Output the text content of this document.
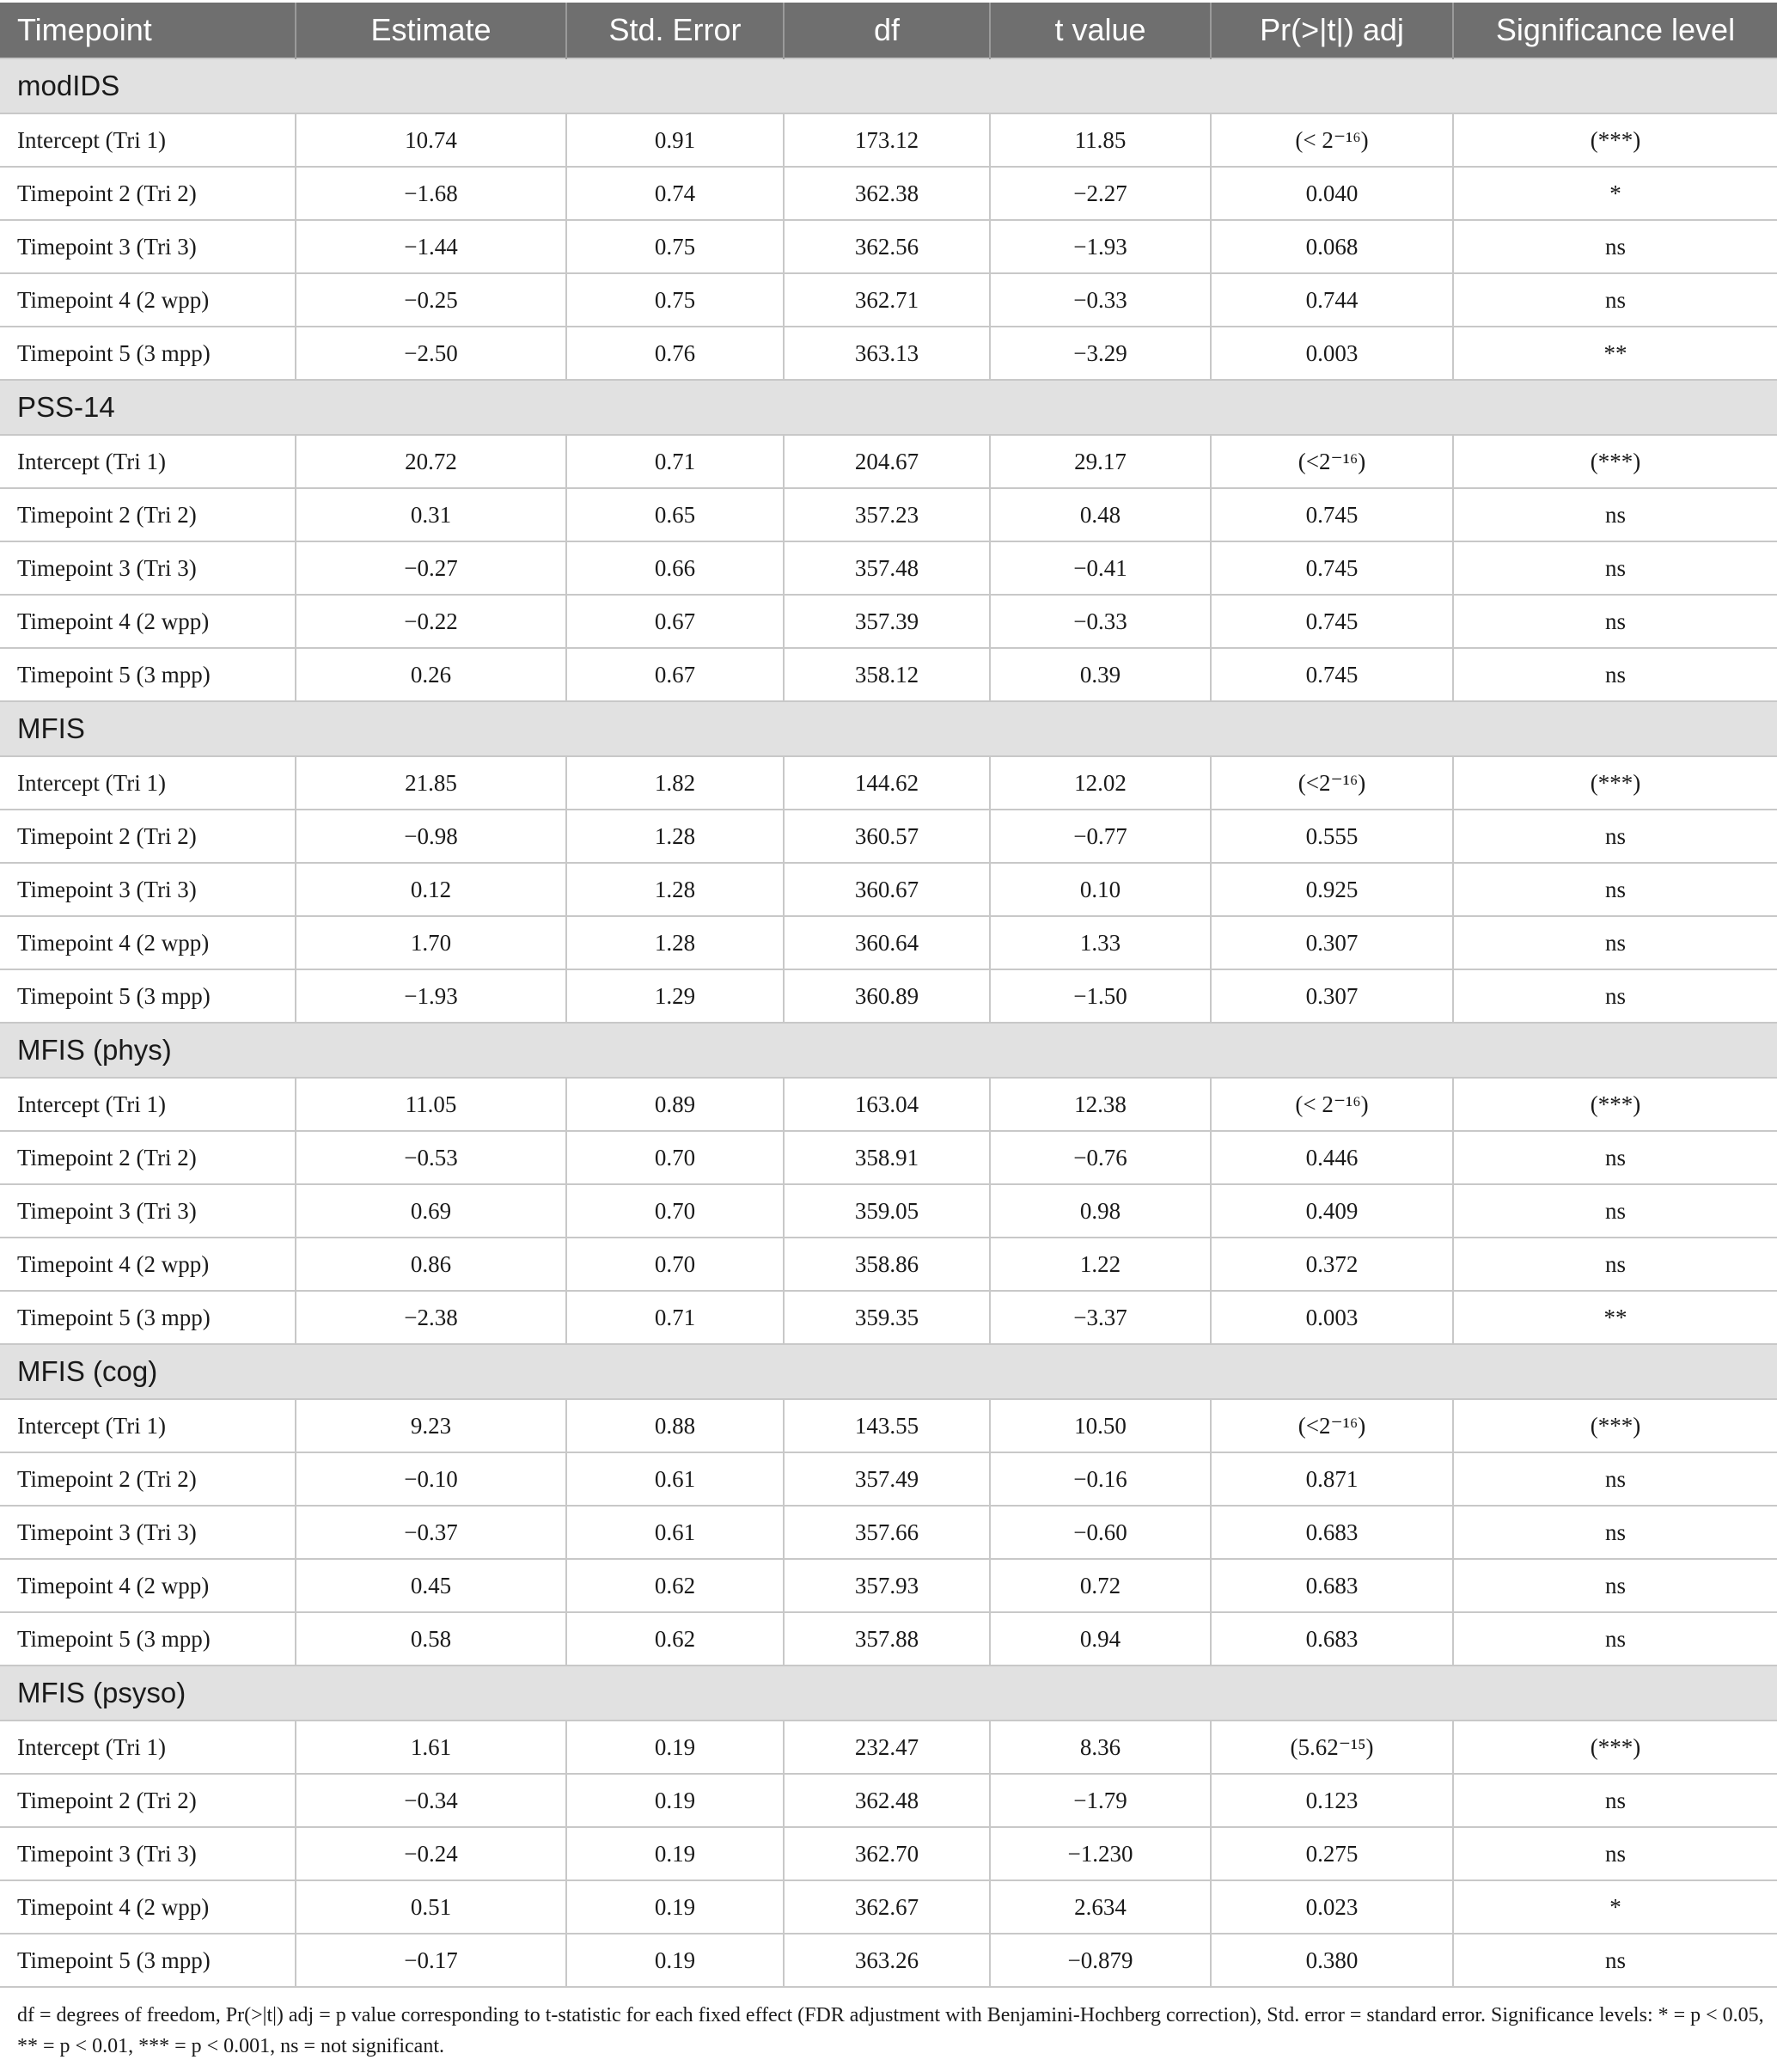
Timepoint	Estimate	Std. Error	df	t value	Pr(>|t|) adj	Significance level
modIDS						
Intercept (Tri 1)	10.74	0.91	173.12	11.85	(< 2⁻¹⁶)	(***)
Timepoint 2 (Tri 2)	−1.68	0.74	362.38	−2.27	0.040	*
Timepoint 3 (Tri 3)	−1.44	0.75	362.56	−1.93	0.068	ns
Timepoint 4 (2 wpp)	−0.25	0.75	362.71	−0.33	0.744	ns
Timepoint 5 (3 mpp)	−2.50	0.76	363.13	−3.29	0.003	**
PSS-14						
Intercept (Tri 1)	20.72	0.71	204.67	29.17	(<2⁻¹⁶)	(***)
Timepoint 2 (Tri 2)	0.31	0.65	357.23	0.48	0.745	ns
Timepoint 3 (Tri 3)	−0.27	0.66	357.48	−0.41	0.745	ns
Timepoint 4 (2 wpp)	−0.22	0.67	357.39	−0.33	0.745	ns
Timepoint 5 (3 mpp)	0.26	0.67	358.12	0.39	0.745	ns
MFIS						
Intercept (Tri 1)	21.85	1.82	144.62	12.02	(<2⁻¹⁶)	(***)
Timepoint 2 (Tri 2)	−0.98	1.28	360.57	−0.77	0.555	ns
Timepoint 3 (Tri 3)	0.12	1.28	360.67	0.10	0.925	ns
Timepoint 4 (2 wpp)	1.70	1.28	360.64	1.33	0.307	ns
Timepoint 5 (3 mpp)	−1.93	1.29	360.89	−1.50	0.307	ns
MFIS (phys)						
Intercept (Tri 1)	11.05	0.89	163.04	12.38	(< 2⁻¹⁶)	(***)
Timepoint 2 (Tri 2)	−0.53	0.70	358.91	−0.76	0.446	ns
Timepoint 3 (Tri 3)	0.69	0.70	359.05	0.98	0.409	ns
Timepoint 4 (2 wpp)	0.86	0.70	358.86	1.22	0.372	ns
Timepoint 5 (3 mpp)	−2.38	0.71	359.35	−3.37	0.003	**
MFIS (cog)						
Intercept (Tri 1)	9.23	0.88	143.55	10.50	(<2⁻¹⁶)	(***)
Timepoint 2 (Tri 2)	−0.10	0.61	357.49	−0.16	0.871	ns
Timepoint 3 (Tri 3)	−0.37	0.61	357.66	−0.60	0.683	ns
Timepoint 4 (2 wpp)	0.45	0.62	357.93	0.72	0.683	ns
Timepoint 5 (3 mpp)	0.58	0.62	357.88	0.94	0.683	ns
MFIS (psyso)						
Intercept (Tri 1)	1.61	0.19	232.47	8.36	(5.62⁻¹⁵)	(***)
Timepoint 2 (Tri 2)	−0.34	0.19	362.48	−1.79	0.123	ns
Timepoint 3 (Tri 3)	−0.24	0.19	362.70	−1.230	0.275	ns
Timepoint 4 (2 wpp)	0.51	0.19	362.67	2.634	0.023	*
Timepoint 5 (3 mpp)	−0.17	0.19	363.26	−0.879	0.380	ns

df = degrees of freedom, Pr(>|t|) adj = p value corresponding to t-statistic for each fixed effect (FDR adjustment with Benjamini-Hochberg correction), Std. error = standard error. Significance levels: * = p < 0.05, ** = p < 0.01, *** = p < 0.001, ns = not significant.
